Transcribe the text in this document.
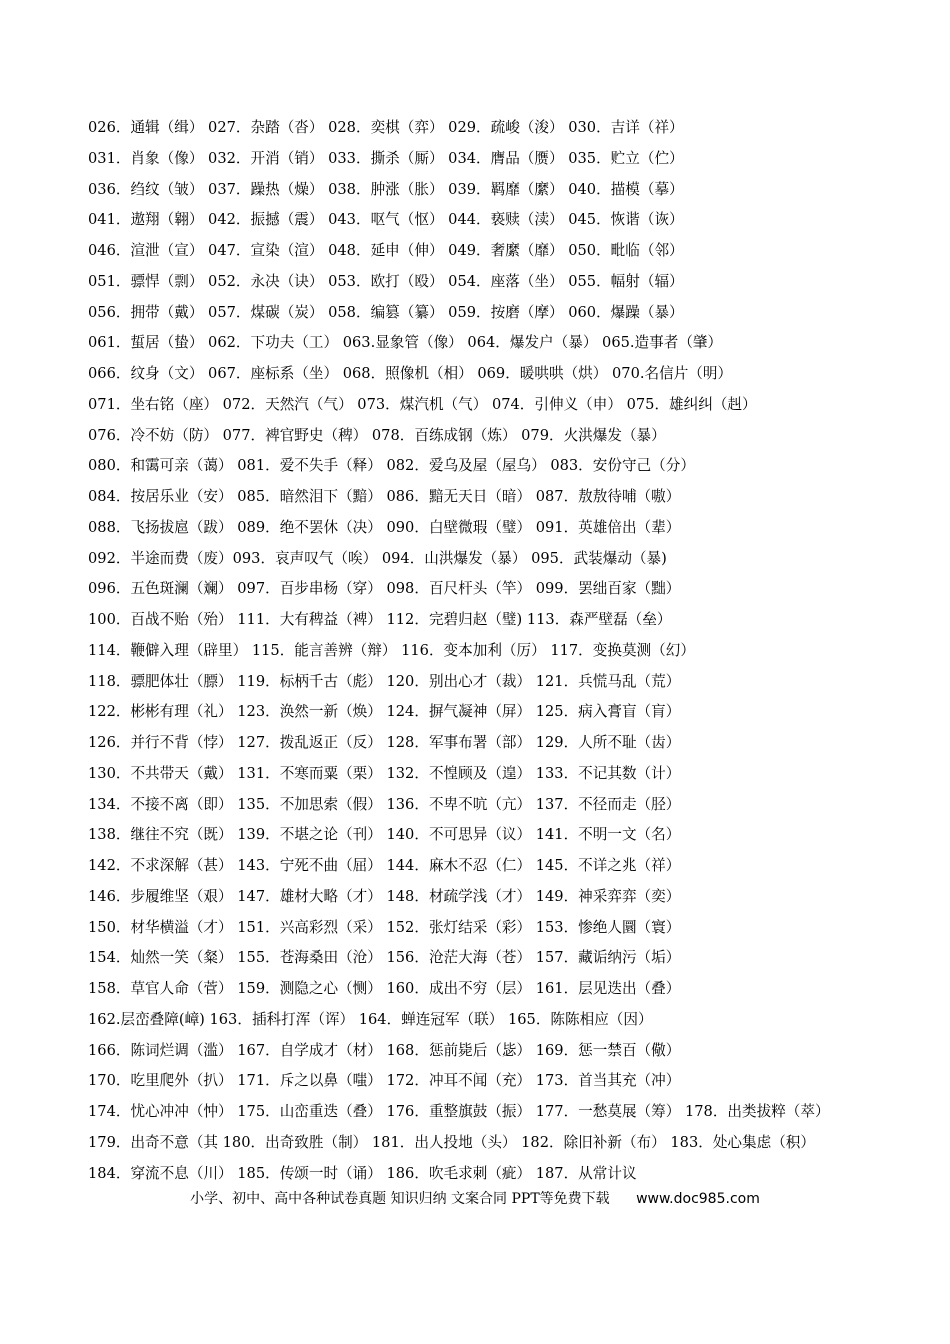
026．通辑（缉） 027．杂踏（沓） 028．奕棋（弈） 029．疏峻（浚） 030．吉详（祥）
031．肖象（像） 032．开消（销） 033．撕杀（厮） 034．膺品（赝） 035．贮立（伫）
036．绉纹（皱） 037．躁热（燥） 038．肿涨（胀） 039．羁靡（縻） 040．描模（摹）
041．遨翔（翱） 042．振撼（震） 043．呕气（怄） 044．亵赎（渎） 045．恢谐（诙）
046．渲泄（宣） 047．宣染（渲） 048．延申（伸） 049．奢縻（靡） 050．毗临（邻）
051．骠悍（剽） 052．永决（诀） 053．欧打（殴） 054．座落（坐） 055．幅射（辐）
056．拥带（戴） 057．煤碳（炭） 058．编篡（纂） 059．按磨（摩） 060．爆躁（暴）
061．蜇居（蛰） 062．下功夫（工） 063.显象管（像） 064．爆发户（暴） 065.造事者（肇）
066．纹身（文） 067．座标系（坐） 068．照像机（相） 069．暖哄哄（烘） 070.名信片（明）
071．坐右铭（座） 072．天然汽（气） 073．煤汽机（气） 074．引伸义（申） 075．雄纠纠（赳）
076．冷不妨（防） 077．裨官野史（稗） 078．百练成钢（炼） 079．火洪爆发（暴）
080．和霭可亲（蔼） 081．爱不失手（释） 082．爱乌及屋（屋乌） 083．安份守己（分）
084．按居乐业（安） 085．暗然泪下（黯） 086．黯无天日（暗） 087．敖敖待哺（嗷）
088．飞扬拔扈（跋） 089．绝不罢休（决） 090．白壁微瑕（璧） 091．英雄倍出（辈）
092．半途而费（废）093．哀声叹气（唉） 094．山洪爆发（暴） 095．武装爆动（暴)
096．五色斑澜（斓） 097．百步串杨（穿） 098．百尺杆头（竿） 099．罢绌百家（黜）
100．百战不贻（殆） 111．大有稗益（裨） 112．完碧归赵（璧) 113．森严壁磊（垒）
114．鞭僻入理（辟里） 115．能言善辨（辩） 116．变本加利（厉） 117．变换莫测（幻）
118．骠肥体壮（膘） 119．标柄千古（彪） 120．别出心才（裁） 121．兵慌马乱（荒）
122．彬彬有理（礼） 123．涣然一新（焕） 124．摒气凝神（屏） 125．病入膏盲（肓）
126．并行不背（悖） 127．拨乱返正（反） 128．军事布署（部） 129．人所不耻（齿）
130．不共带天（戴） 131．不寒而粟（栗） 132．不惶顾及（遑） 133．不记其数（计）
134．不接不离（即） 135．不加思索（假） 136．不卑不吭（亢） 137．不径而走（胫）
138．继往不究（既） 139．不堪之论（刊） 140．不可思异（议） 141．不明一文（名）
142．不求深解（甚） 143．宁死不曲（屈） 144．麻木不忍（仁） 145．不详之兆（祥）
146．步履维坚（艰） 147．雄材大略（才） 148．材疏学浅（才） 149．神采弈弈（奕）
150．材华横溢（才） 151．兴高彩烈（采） 152．张灯结采（彩） 153．惨绝人圜（寰）
154．灿然一笑（粲） 155．苍海桑田（沧） 156．沧茫大海（苍） 157．藏诟纳污（垢）
158．草官人命（菅） 159．测隐之心（恻） 160．成出不穷（层） 161．层见迭出（叠）
162.层峦叠障(嶂) 163．插科打浑（诨） 164．蝉连冠军（联） 165．陈陈相应（因）
166．陈词烂调（滥） 167．自学成才（材） 168．惩前毙后（毖） 169．惩一禁百（儆）
170．吃里爬外（扒） 171．斥之以鼻（嗤） 172．冲耳不闻（充） 173．首当其充（冲）
174．忧心冲冲（忡） 175．山峦重迭（叠） 176．重整旗鼓（振） 177．一愁莫展（筹） 178．出类拔粹（萃） 179．出奇不意（其 180．出奇致胜（制） 181．出人投地（头） 182．除旧补新（布） 183．处心集虑（积） 184．穿流不息（川） 185．传颂一时（诵） 186．吹毛求刺（疵） 187．从常计议
小学、初中、高中各种试卷真题 知识归纳 文案合同 PPT等免费下载 www.doc985.com
